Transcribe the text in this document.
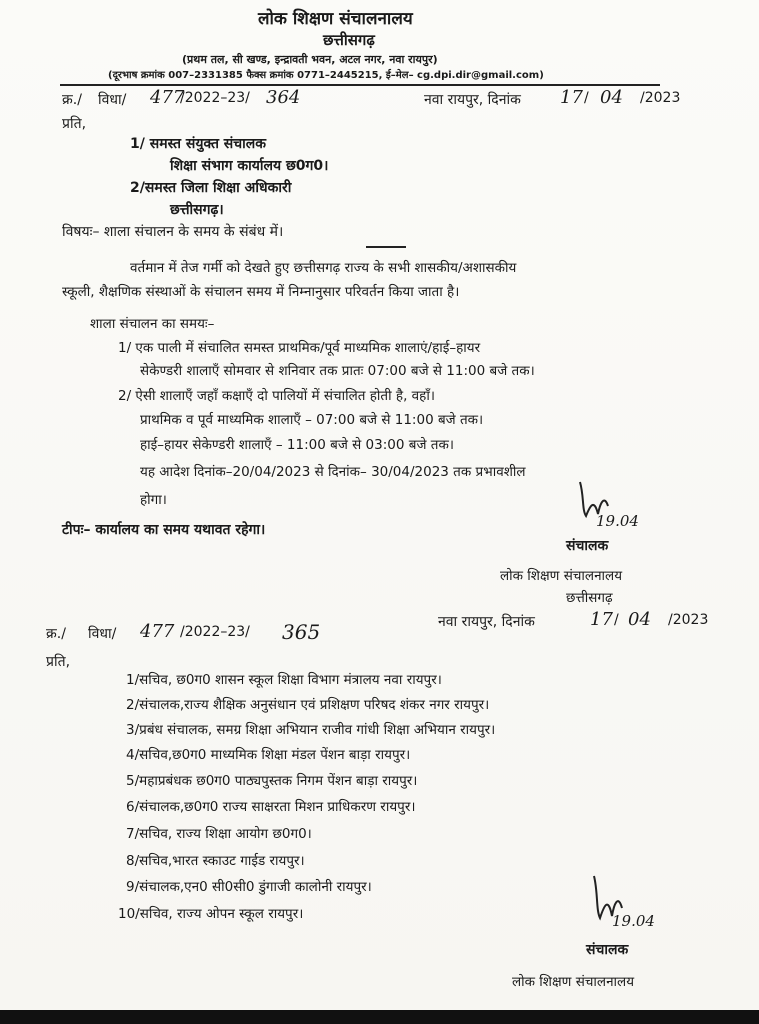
लोक शिक्षण संचालनालय
छत्तीसगढ़
(प्रथम तल, सी खण्ड, इन्द्रावती भवन, अटल नगर, नवा रायपुर)
(दूरभाष क्रमांक 007–2331385 फैक्स क्रमांक 0771–2445215, ई–मेल– cg.dpi.dir@gmail.com)
क्र./ विधा/ 477
/2022–23/ 364	नवा रायपुर, दिनांक 17 / 04 /2023
प्रति,
1/ समस्त संयुक्त संचालक
शिक्षा संभाग कार्यालय छ0ग0।
2/समस्त जिला शिक्षा अधिकारी
छत्तीसगढ़।
विषयः– शाला संचालन के समय के संबंध में।
वर्तमान में तेज गर्मी को देखते हुए छत्तीसगढ़ राज्य के सभी शासकीय/अशासकीय
स्कूली, शैक्षणिक संस्थाओं के संचालन समय में निम्नानुसार परिवर्तन किया जाता है।
शाला संचालन का समयः–
1/ एक पाली में संचालित समस्त प्राथमिक/पूर्व माध्यमिक शालाएं/हाई–हायर
सेकेण्डरी शालाएँ सोमवार से शनिवार तक प्रातः 07:00 बजे से 11:00 बजे तक।
2/ ऐसी शालाएँ जहाँ कक्षाएँ दो पालियों में संचालित होती है, वहाँ।
प्राथमिक व पूर्व माध्यमिक शालाएँ – 07:00 बजे से 11:00 बजे तक।
हाई–हायर सेकेण्डरी शालाएँ – 11:00 बजे से 03:00 बजे तक।
यह आदेश दिनांक–20/04/2023 से दिनांक– 30/04/2023 तक प्रभावशील
होगा।
टीपः– कार्यालय का समय यथावत रहेगा।	19.04
संचालक
लोक शिक्षण संचालनालय
छत्तीसगढ़
नवा रायपुर, दिनांक	17 / 04 /2023
क्र./ विधा/ 477 /2022–23/ 365
प्रति,
1/सचिव, छ0ग0 शासन स्कूल शिक्षा विभाग मंत्रालय नवा रायपुर।
2/संचालक,राज्य शैक्षिक अनुसंधान एवं प्रशिक्षण परिषद शंकर नगर रायपुर।
3/प्रबंध संचालक, समग्र शिक्षा अभियान राजीव गांधी शिक्षा अभियान रायपुर।
4/सचिव,छ0ग0 माध्यमिक शिक्षा मंडल पेंशन बाड़ा रायपुर।
5/महाप्रबंधक छ0ग0 पाठ्यपुस्तक निगम पेंशन बाड़ा रायपुर।
6/संचालक,छ0ग0 राज्य साक्षरता मिशन प्राधिकरण रायपुर।
7/सचिव, राज्य शिक्षा आयोग छ0ग0।
8/सचिव,भारत स्काउट गाईड रायपुर।
9/संचालक,एन0 सी0सी0 डुंगाजी कालोनी रायपुर।
10/सचिव, राज्य ओपन स्कूल रायपुर।	19.04
संचालक
लोक शिक्षण संचालनालय
